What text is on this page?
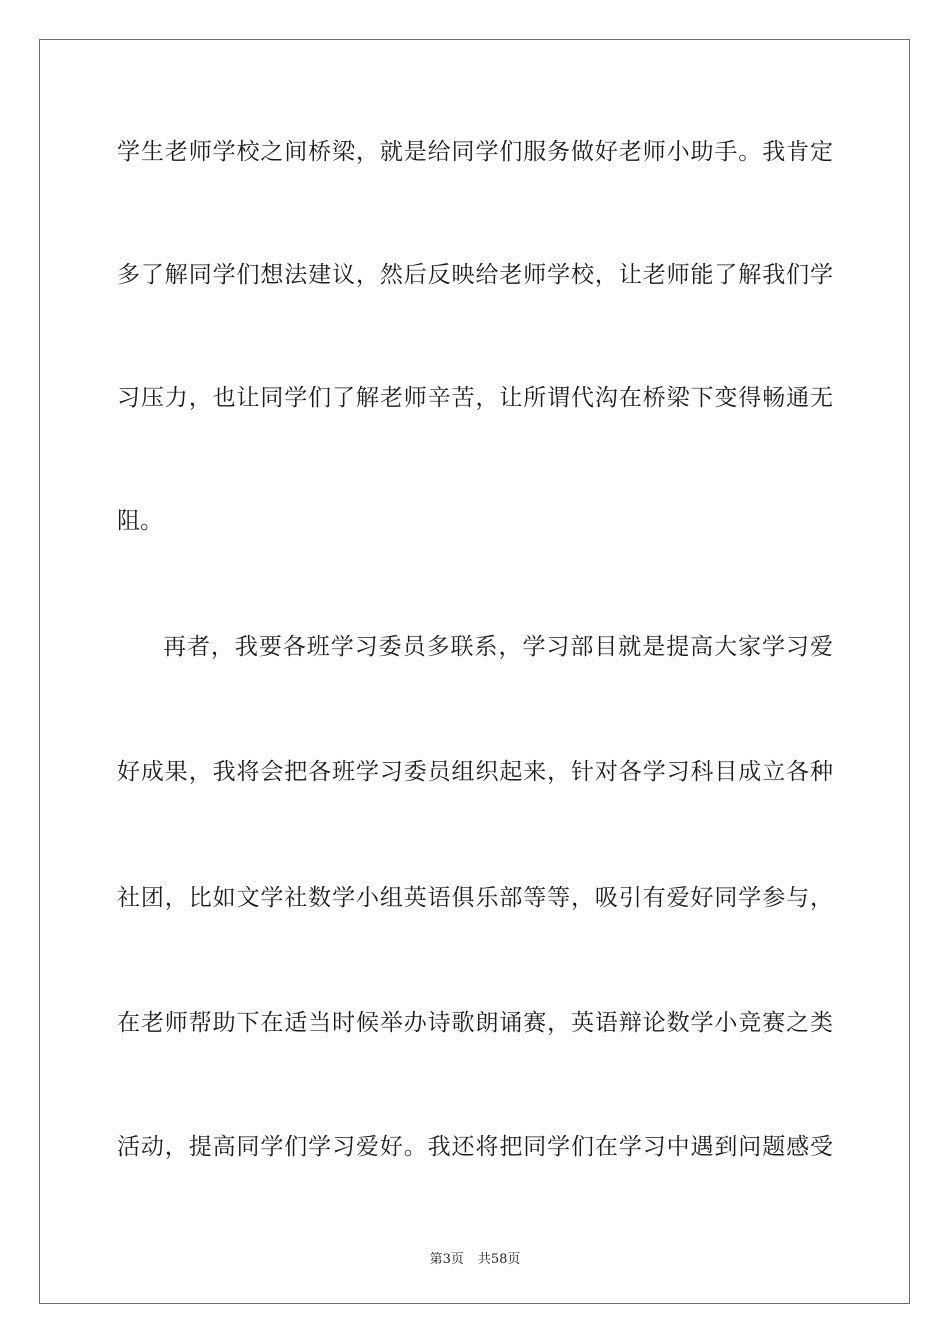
学生老师学校之间桥梁，就是给同学们服务做好老师小助手。我肯定
多了解同学们想法建议，然后反映给老师学校，让老师能了解我们学
习压力，也让同学们了解老师辛苦，让所谓代沟在桥梁下变得畅通无
阻。
再者，我要各班学习委员多联系，学习部目就是提高大家学习爱
好成果，我将会把各班学习委员组织起来，针对各学习科目成立各种
社团，比如文学社数学小组英语俱乐部等等，吸引有爱好同学参与，
在老师帮助下在适当时候举办诗歌朗诵赛，英语辩论数学小竞赛之类
活动，提高同学们学习爱好。我还将把同学们在学习中遇到问题感受
第3页 共58页
